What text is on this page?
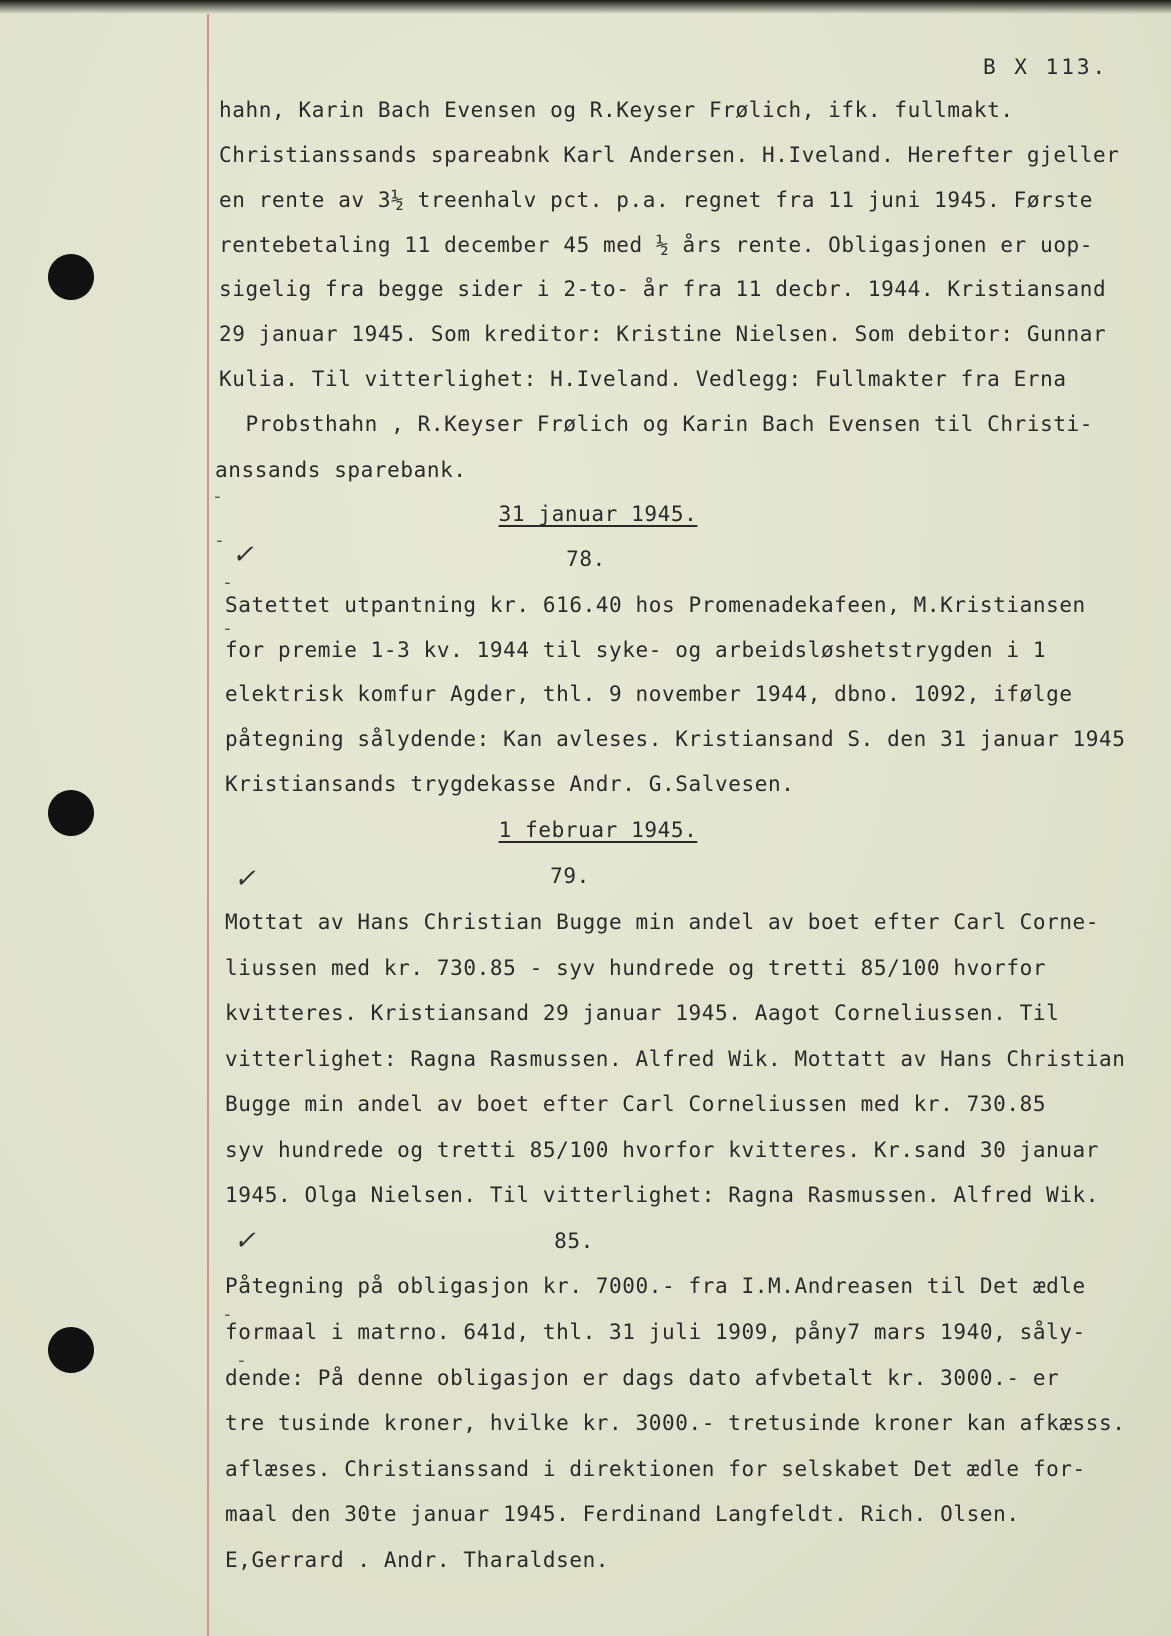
B X 113.
hahn, Karin Bach Evensen og R.Keyser Frølich, ifk. fullmakt.
Christianssands spareabnk Karl Andersen. H.Iveland. Herefter gjeller
en rente av 3½ treenhalv pct. p.a. regnet fra 11 juni 1945. Første
rentebetaling 11 december 45 med ½ års rente. Obligasjonen er uop-
sigelig fra begge sider i 2-to- år fra 11 decbr. 1944. Kristiansand
29 januar 1945. Som kreditor: Kristine Nielsen. Som debitor: Gunnar
Kulia. Til vitterlighet: H.Iveland. Vedlegg: Fullmakter fra Erna
Probsthahn , R.Keyser Frølich og Karin Bach Evensen til Christi-
anssands sparebank.
31 januar 1945.
✓	78.
Satettet utpantning kr. 616.40 hos Promenadekafeen, M.Kristiansen
for premie 1-3 kv. 1944 til syke- og arbeidsløshetstrygden i 1
elektrisk komfur Agder, thl. 9 november 1944, dbno. 1092, ifølge
påtegning sålydende: Kan avleses. Kristiansand S. den 31 januar 1945
Kristiansands trygdekasse Andr. G.Salvesen.
1 februar 1945.
✓	79.
Mottat av Hans Christian Bugge min andel av boet efter Carl Corne-
liussen med kr. 730.85 - syv hundrede og tretti 85/100 hvorfor
kvitteres. Kristiansand 29 januar 1945. Aagot Corneliussen. Til
vitterlighet: Ragna Rasmussen. Alfred Wik. Mottatt av Hans Christian
Bugge min andel av boet efter Carl Corneliussen med kr. 730.85
syv hundrede og tretti 85/100 hvorfor kvitteres. Kr.sand 30 januar
1945. Olga Nielsen. Til vitterlighet: Ragna Rasmussen. Alfred Wik.
✓	85.
Påtegning på obligasjon kr. 7000.- fra I.M.Andreasen til Det ædle
formaal i matrno. 641d, thl. 31 juli 1909, påny7 mars 1940, såly-
dende: På denne obligasjon er dags dato afvbetalt kr. 3000.- er
tre tusinde kroner, hvilke kr. 3000.- tretusinde kroner kan afkæsss.
aflæses. Christianssand i direktionen for selskabet Det ædle for-
maal den 30te januar 1945. Ferdinand Langfeldt. Rich. Olsen.
E,Gerrard . Andr. Tharaldsen.
-
-
-
-
-
-
